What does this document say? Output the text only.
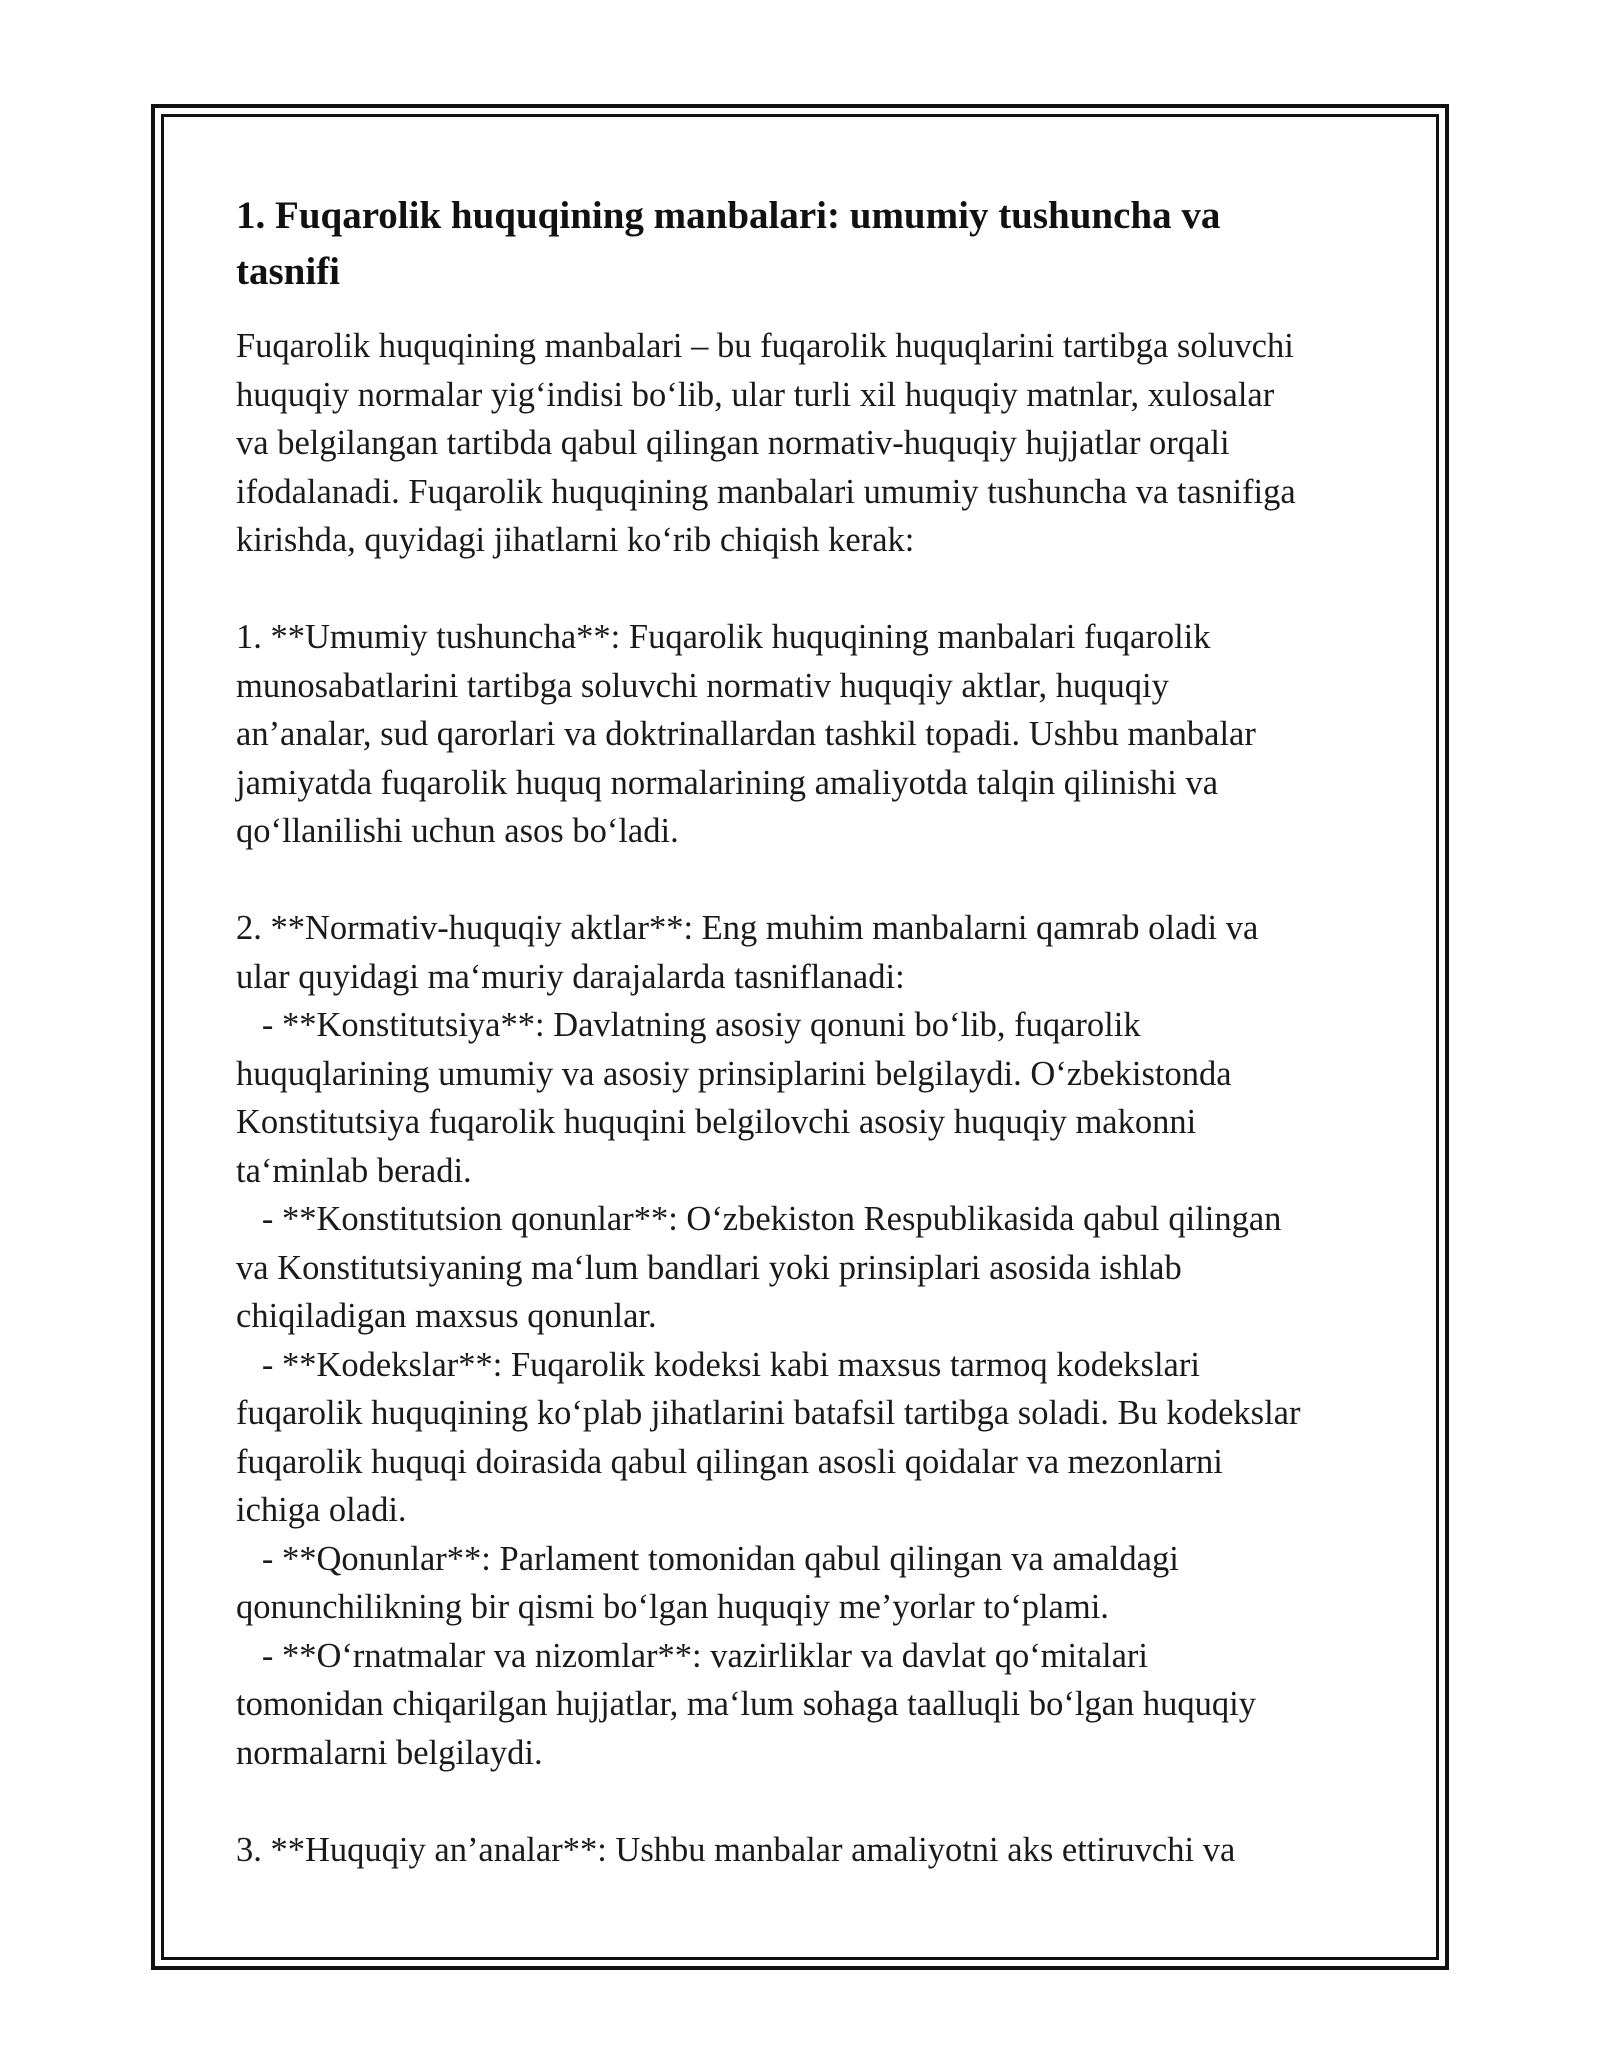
1. Fuqarolik huquqining manbalari: umumiy tushuncha va
tasnifi
Fuqarolik huquqining manbalari – bu fuqarolik huquqlarini tartibga soluvchi
huquqiy normalar yig‘indisi bo‘lib, ular turli xil huquqiy matnlar, xulosalar
va belgilangan tartibda qabul qilingan normativ-huquqiy hujjatlar orqali
ifodalanadi. Fuqarolik huquqining manbalari umumiy tushuncha va tasnifiga
kirishda, quyidagi jihatlarni ko‘rib chiqish kerak:
1. **Umumiy tushuncha**: Fuqarolik huquqining manbalari fuqarolik
munosabatlarini tartibga soluvchi normativ huquqiy aktlar, huquqiy
an’analar, sud qarorlari va doktrinallardan tashkil topadi. Ushbu manbalar
jamiyatda fuqarolik huquq normalarining amaliyotda talqin qilinishi va
qo‘llanilishi uchun asos bo‘ladi.
2. **Normativ-huquqiy aktlar**: Eng muhim manbalarni qamrab oladi va
ular quyidagi ma‘muriy darajalarda tasniflanadi:
- **Konstitutsiya**: Davlatning asosiy qonuni bo‘lib, fuqarolik
huquqlarining umumiy va asosiy prinsiplarini belgilaydi. O‘zbekistonda
Konstitutsiya fuqarolik huquqini belgilovchi asosiy huquqiy makonni
ta‘minlab beradi.
- **Konstitutsion qonunlar**: O‘zbekiston Respublikasida qabul qilingan
va Konstitutsiyaning ma‘lum bandlari yoki prinsiplari asosida ishlab
chiqiladigan maxsus qonunlar.
- **Kodekslar**: Fuqarolik kodeksi kabi maxsus tarmoq kodekslari
fuqarolik huquqining ko‘plab jihatlarini batafsil tartibga soladi. Bu kodekslar
fuqarolik huquqi doirasida qabul qilingan asosli qoidalar va mezonlarni
ichiga oladi.
- **Qonunlar**: Parlament tomonidan qabul qilingan va amaldagi
qonunchilikning bir qismi bo‘lgan huquqiy me’yorlar to‘plami.
- **O‘rnatmalar va nizomlar**: vazirliklar va davlat qo‘mitalari
tomonidan chiqarilgan hujjatlar, ma‘lum sohaga taalluqli bo‘lgan huquqiy
normalarni belgilaydi.
3. **Huquqiy an’analar**: Ushbu manbalar amaliyotni aks ettiruvchi va
